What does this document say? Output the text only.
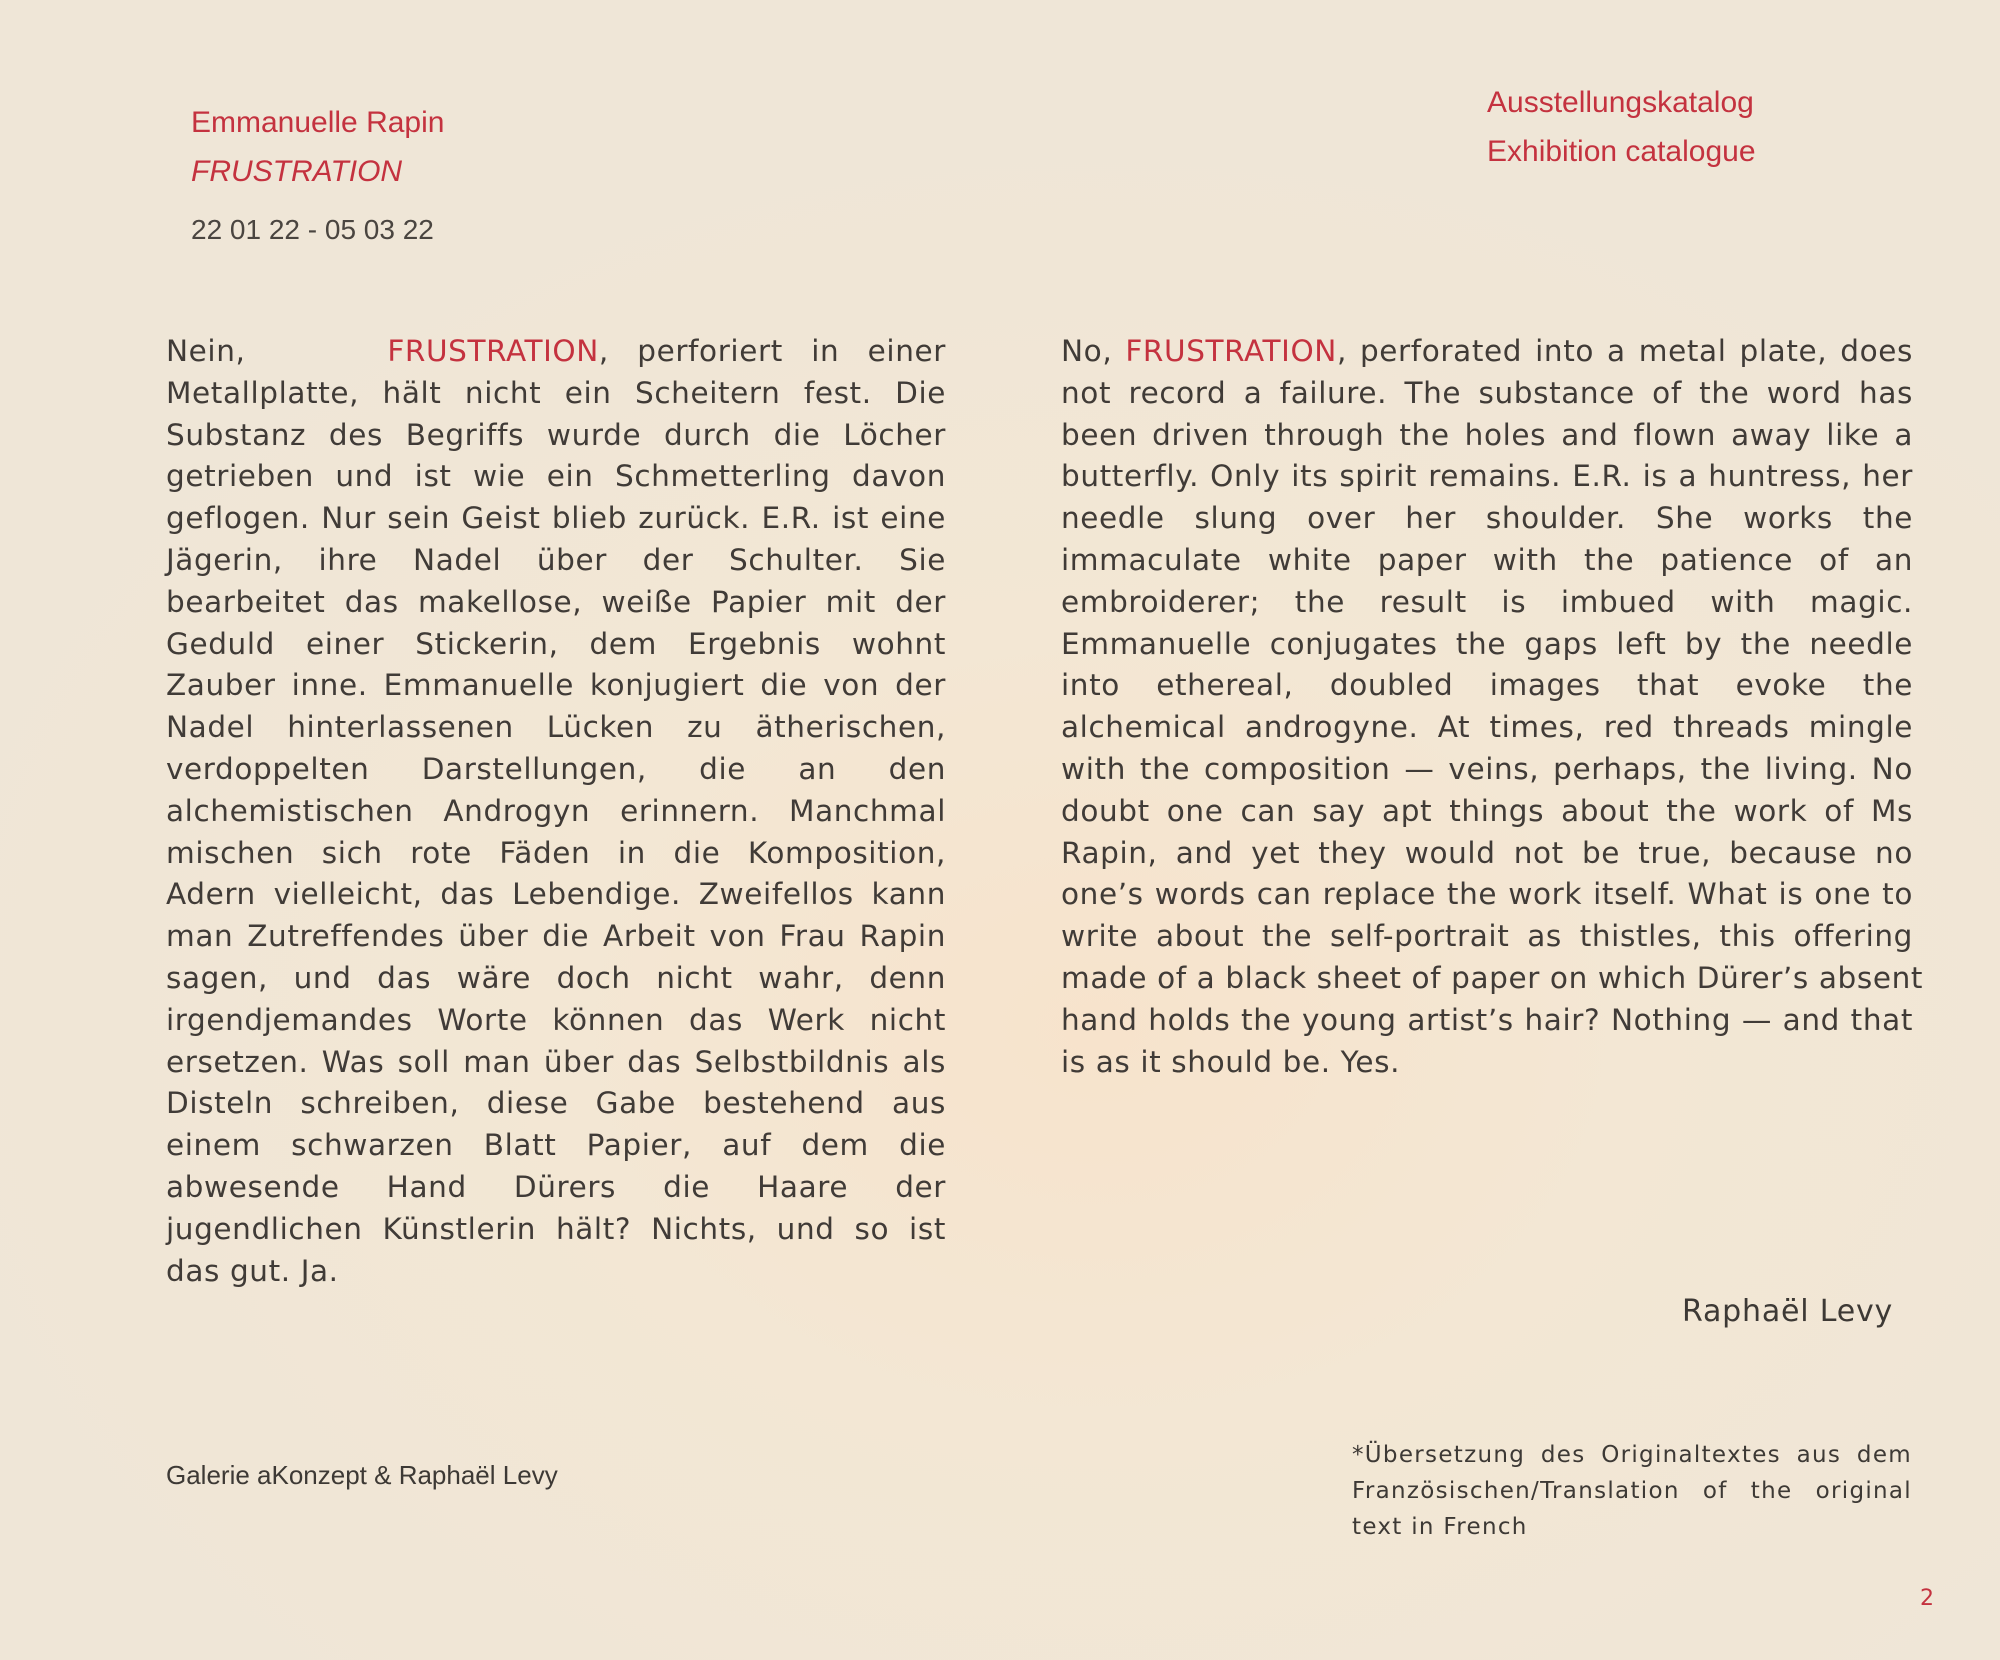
Emmanuelle Rapin
FRUSTRATION
22 01 22 - 05 03 22
Ausstellungskatalog
Exhibition catalogue
Nein,	FRUSTRATION, perforiert in einer
Metallplatte, hält nicht ein Scheitern fest. Die
Substanz des Begriffs wurde durch die Löcher
getrieben und ist wie ein Schmetterling davon
geflogen. Nur sein Geist blieb zurück. E.R. ist eine
Jägerin, ihre Nadel über der Schulter. Sie
bearbeitet das makellose, weiße Papier mit der
Geduld einer Stickerin, dem Ergebnis wohnt
Zauber inne. Emmanuelle konjugiert die von der
Nadel hinterlassenen Lücken zu ätherischen,
verdoppelten Darstellungen, die an den
alchemistischen Androgyn erinnern. Manchmal
mischen sich rote Fäden in die Komposition,
Adern vielleicht, das Lebendige. Zweifellos kann
man Zutreffendes über die Arbeit von Frau Rapin
sagen, und das wäre doch nicht wahr, denn
irgendjemandes Worte können das Werk nicht
ersetzen. Was soll man über das Selbstbildnis als
Disteln schreiben, diese Gabe bestehend aus
einem schwarzen Blatt Papier, auf dem die
abwesende Hand Dürers die Haare der
jugendlichen Künstlerin hält? Nichts, und so ist
das gut. Ja.
No, FRUSTRATION, perforated into a metal plate, does
not record a failure. The substance of the word has
been driven through the holes and flown away like a
butterfly. Only its spirit remains. E.R. is a huntress, her
needle slung over her shoulder. She works the
immaculate white paper with the patience of an
embroiderer; the result is imbued with magic.
Emmanuelle conjugates the gaps left by the needle
into ethereal, doubled images that evoke the
alchemical androgyne. At times, red threads mingle
with the composition — veins, perhaps, the living. No
doubt one can say apt things about the work of Ms
Rapin, and yet they would not be true, because no
one’s words can replace the work itself. What is one to
write about the self-portrait as thistles, this offering
made of a black sheet of paper on which Dürer’s absent
hand holds the young artist’s hair? Nothing — and that
is as it should be. Yes.
Raphaël Levy
Galerie aKonzept & Raphaël Levy
*Übersetzung des Originaltextes aus dem
Französischen/Translation of the original
text in French
2
